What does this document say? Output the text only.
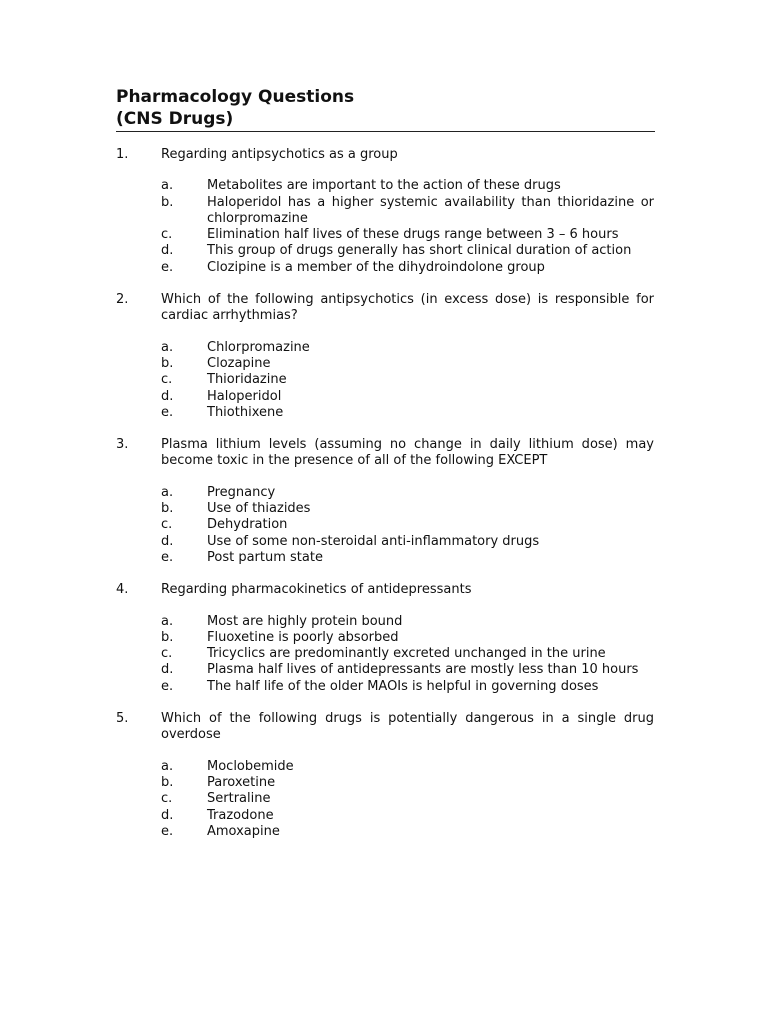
Pharmacology Questions

(CNS Drugs)

1.	Regarding antipsychotics as a group
a.	Metabolites are important to the action of these drugs
b.	Haloperidol has a higher systemic availability than thioridazine or chlorpromazine
c.	Elimination half lives of these drugs range between 3 – 6 hours
d.	This group of drugs generally has short clinical duration of action
e.	Clozipine is a member of the dihydroindolone group
2.	Which of the following antipsychotics (in excess dose) is responsible for cardiac arrhythmias?
a.	Chlorpromazine
b.	Clozapine
c.	Thioridazine
d.	Haloperidol
e.	Thiothixene
3.	Plasma lithium levels (assuming no change in daily lithium dose) may become toxic in the presence of all of the following EXCEPT
a.	Pregnancy
b.	Use of thiazides
c.	Dehydration
d.	Use of some non-steroidal anti-inflammatory drugs
e.	Post partum state
4.	Regarding pharmacokinetics of antidepressants
a.	Most are highly protein bound
b.	Fluoxetine is poorly absorbed
c.	Tricyclics are predominantly excreted unchanged in the urine
d.	Plasma half lives of antidepressants are mostly less than 10 hours
e.	The half life of the older MAOIs is helpful in governing doses
5.	Which of the following drugs is potentially dangerous in a single drug overdose
a.	Moclobemide
b.	Paroxetine
c.	Sertraline
d.	Trazodone
e.	Amoxapine
